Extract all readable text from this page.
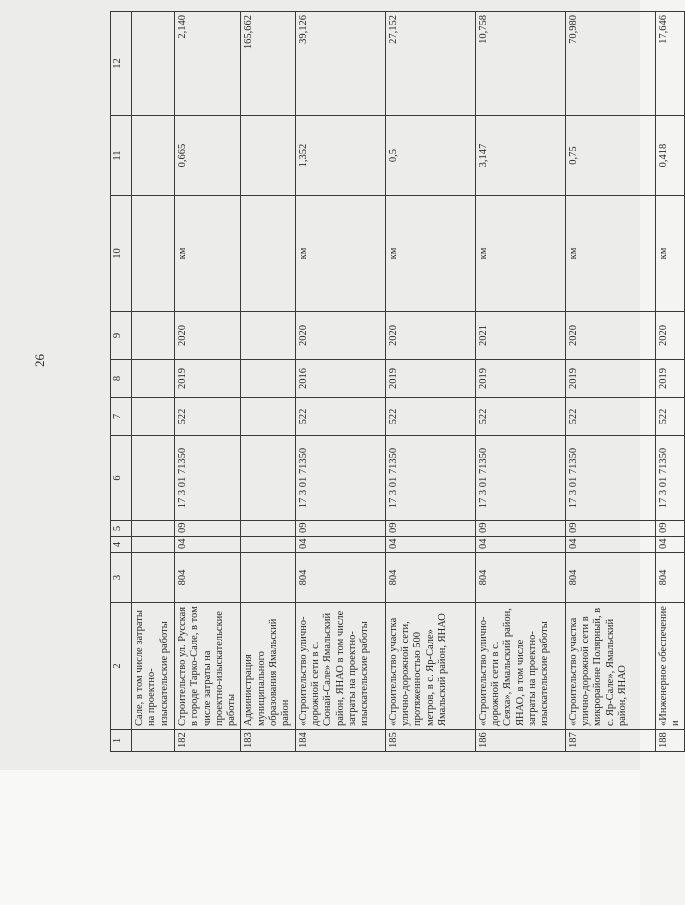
26
1	2	3	4	5	6	7	8	9	10	11	12
	Сале, в том числе затраты на проектно-изыскательские работы										
182	Строительство ул. Русская в городе Тарко-Сале, в том числе затраты на проектно-изыскательские работы	804	04	09	17 3 01 71350	522	2019	2020	км	0,665	2,140
183	Администрация муниципального образования Ямальский район										165,662
184	«Строительство улично-дорожной сети в с. Сюнай-Сале» Ямальский район, ЯНАО в том числе затраты на проектно-изыскательские работы	804	04	09	17 3 01 71350	522	2016	2020	км	1,352	39,126
185	«Строительство участка улично-дорожной сети, протяженностью 500 метров, в с. Яр-Сале» Ямальский район, ЯНАО	804	04	09	17 3 01 71350	522	2019	2020	км	0,5	27,152
186	«Строительство улично-дорожной сети в с. Сеяха», Ямальский район, ЯНАО, в том числе затраты на проектно-изыскательские работы	804	04	09	17 3 01 71350	522	2019	2021	км	3,147	10,758
187	«Строительство участка улично-дорожной сети в микрорайоне Полярный, в с. Яр-Сале», Ямальский район, ЯНАО	804	04	09	17 3 01 71350	522	2019	2020	км	0,75	70,980
188	«Инженерное обеспечение и	804	04	09	17 3 01 71350	522	2019	2020	км	0,418	17,646
